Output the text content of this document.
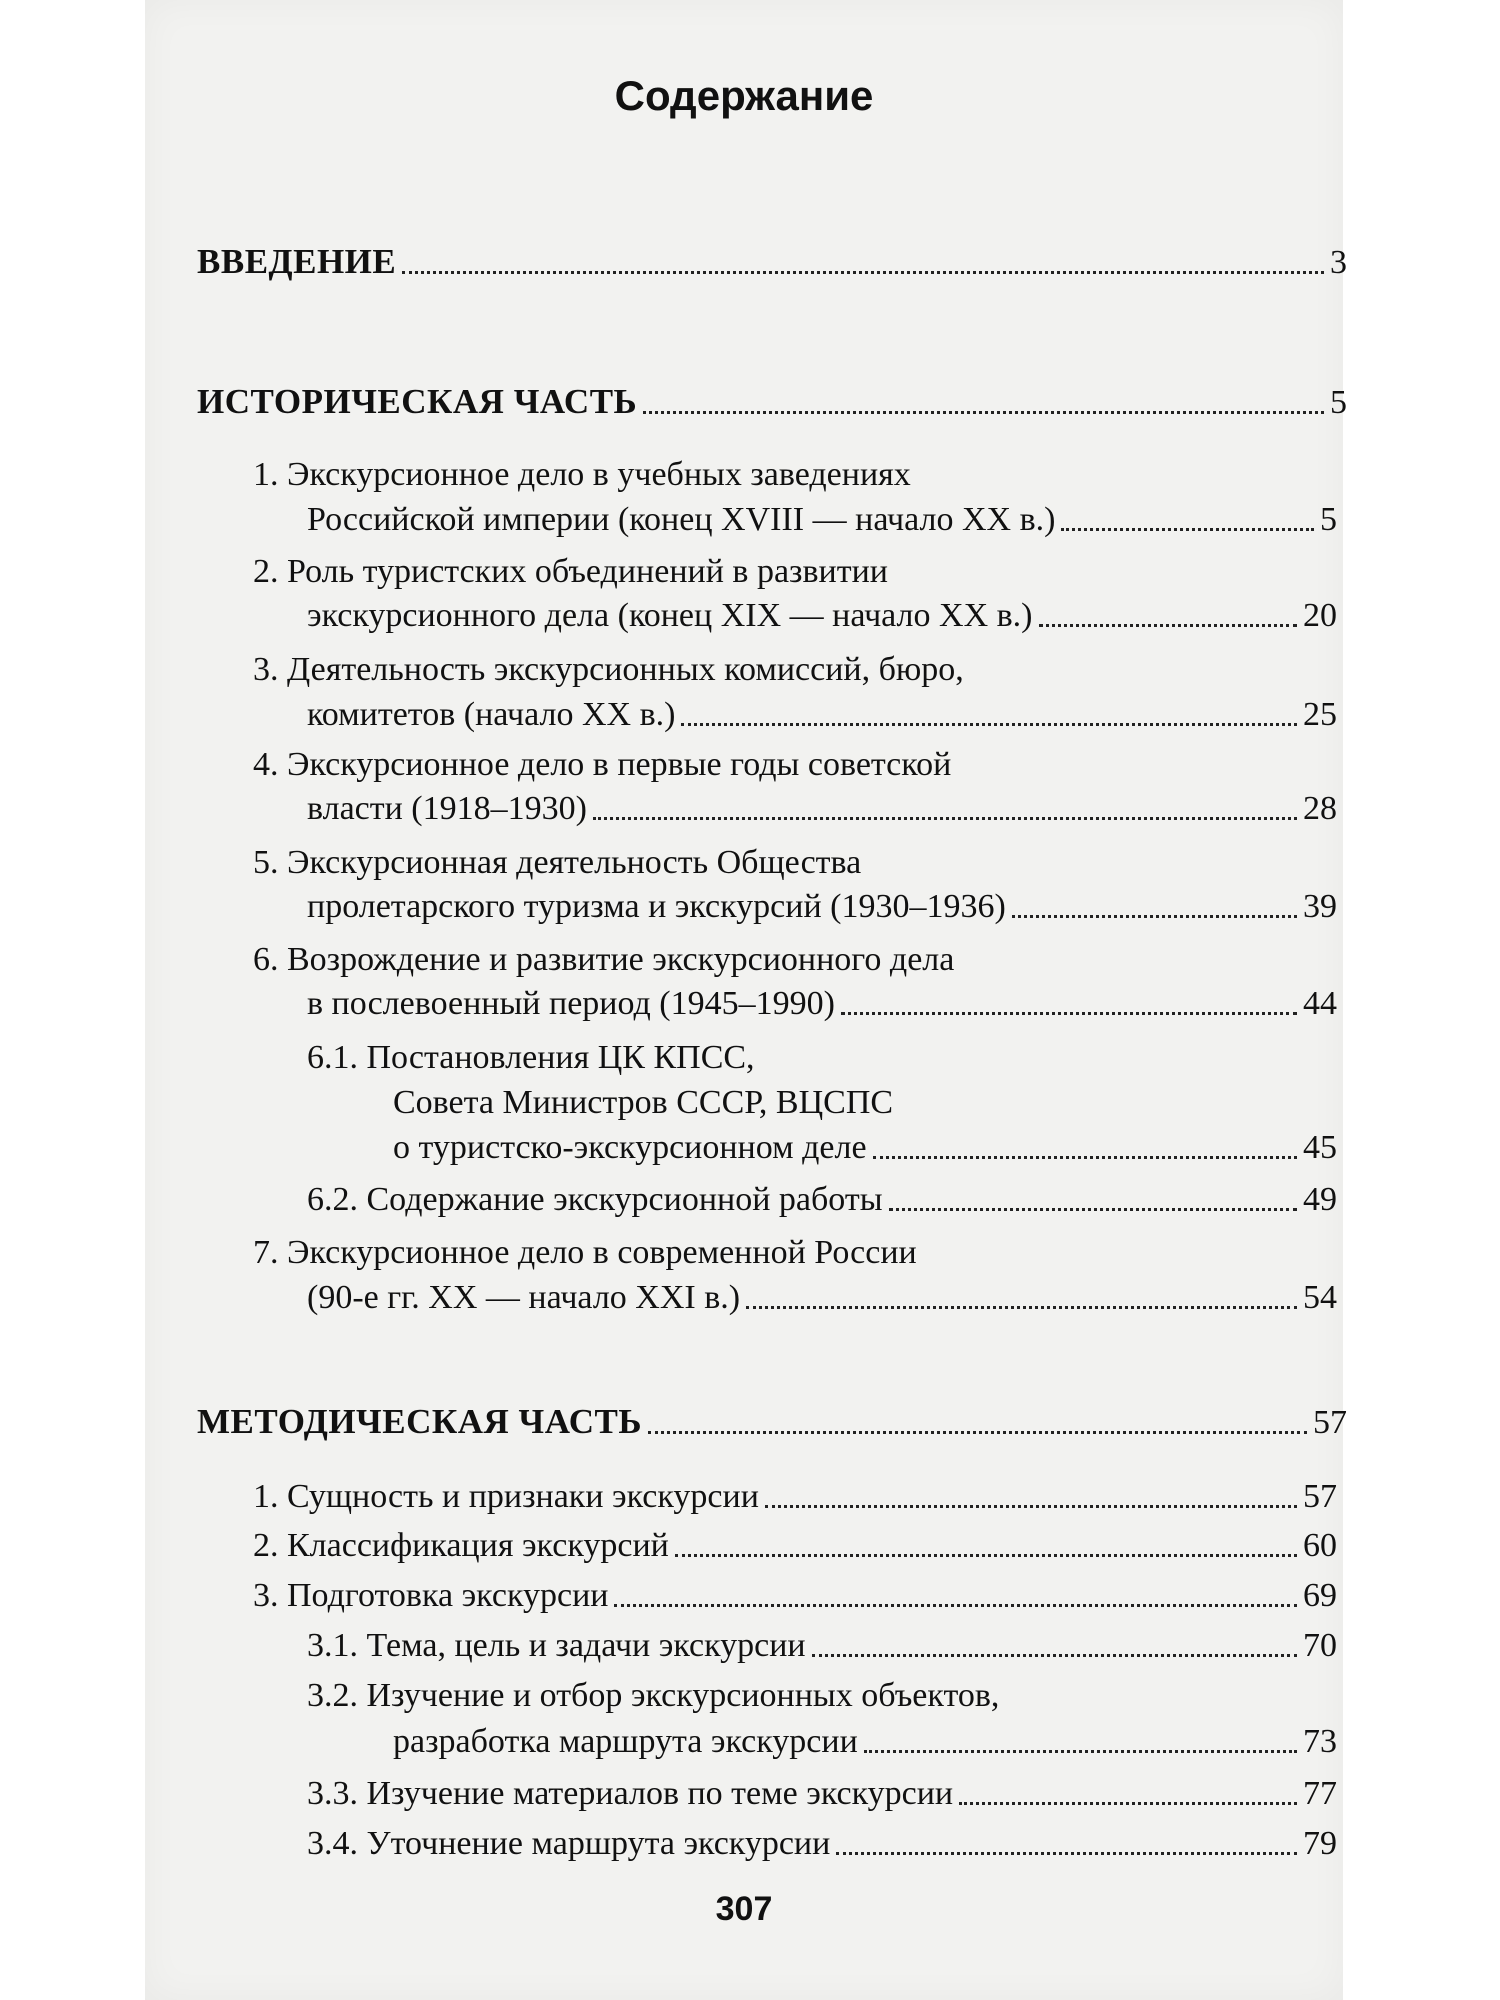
Содержание
ВВЕДЕНИЕ	3
ИСТОРИЧЕСКАЯ ЧАСТЬ	5
1. Экскурсионное дело в учебных заведениях
Российской империи (конец XVIII — начало XX в.)	5
2. Роль туристских объединений в развитии
экскурсионного дела (конец XIX — начало XX в.)	20
3. Деятельность экскурсионных комиссий, бюро,
комитетов (начало XX в.)	25
4. Экскурсионное дело в первые годы советской
власти (1918–1930)	28
5. Экскурсионная деятельность Общества
пролетарского туризма и экскурсий (1930–1936)	39
6. Возрождение и развитие экскурсионного дела
в послевоенный период (1945–1990)	44
6.1. Постановления ЦК КПСС,
Совета Министров СССР, ВЦСПС
о туристско-экскурсионном деле	45
6.2. Содержание экскурсионной работы	49
7. Экскурсионное дело в современной России
(90-е гг. XX — начало XXI в.)	54
МЕТОДИЧЕСКАЯ ЧАСТЬ	57
1. Сущность и признаки экскурсии	57
2. Классификация экскурсий	60
3. Подготовка экскурсии	69
3.1. Тема, цель и задачи экскурсии	70
3.2. Изучение и отбор экскурсионных объектов,
разработка маршрута экскурсии	73
3.3. Изучение материалов по теме экскурсии	77
3.4. Уточнение маршрута экскурсии	79
307
